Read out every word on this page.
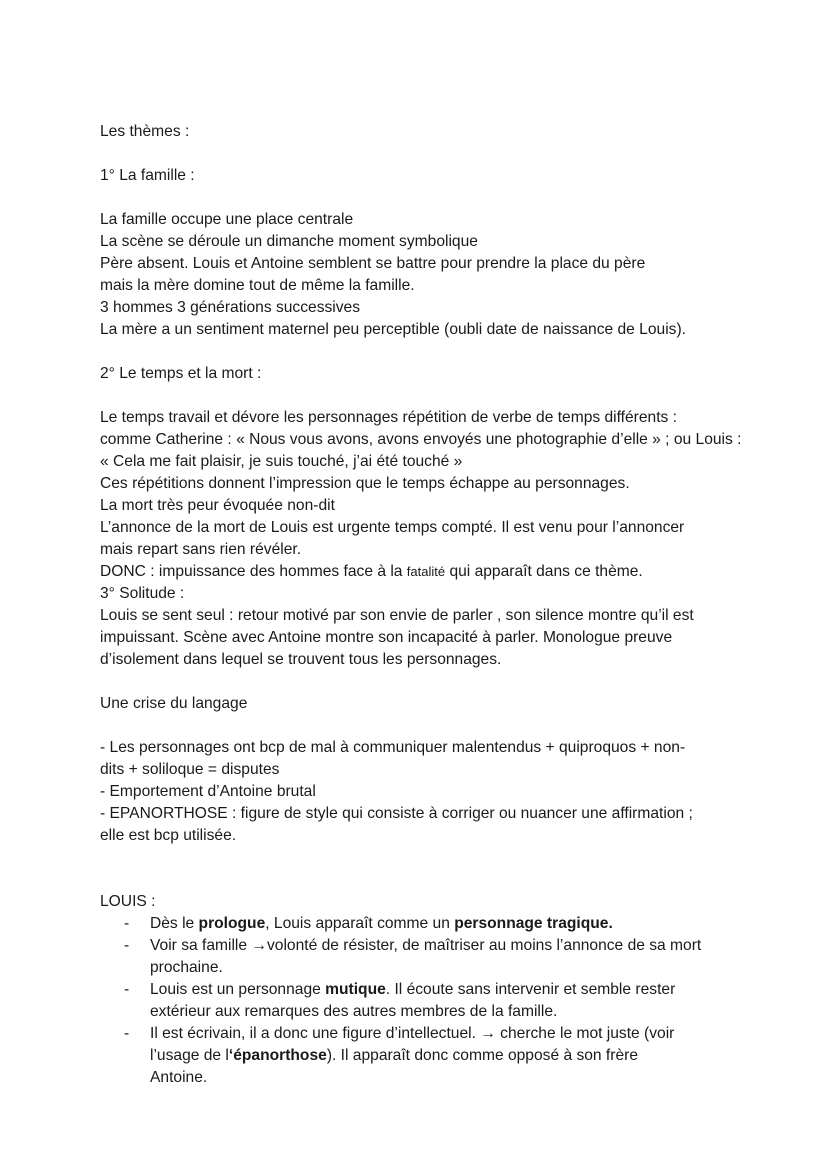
Les thèmes :
1° La famille :
La famille occupe une place centrale
La scène se déroule un dimanche moment symbolique
Père absent. Louis et Antoine semblent se battre pour prendre la place du père
mais la mère domine tout de même la famille.
3 hommes 3 générations successives
La mère a un sentiment maternel peu perceptible (oubli date de naissance de Louis).
2° Le temps et la mort :
Le temps travail et dévore les personnages répétition de verbe de temps différents :
comme Catherine : « Nous vous avons, avons envoyés une photographie d’elle » ; ou Louis :
« Cela me fait plaisir, je suis touché, j’ai été touché »
Ces répétitions donnent l’impression que le temps échappe au personnages.
La mort très peur évoquée non-dit
L’annonce de la mort de Louis est urgente temps compté. Il est venu pour l’annoncer
mais repart sans rien révéler.
DONC : impuissance des hommes face à la fatalité qui apparaît dans ce thème.
3° Solitude :
Louis se sent seul : retour motivé par son envie de parler , son silence montre qu’il est
impuissant. Scène avec Antoine montre son incapacité à parler. Monologue preuve
d’isolement dans lequel se trouvent tous les personnages.
Une crise du langage
- Les personnages ont bcp de mal à communiquer malentendus + quiproquos + non-
dits + soliloque = disputes
- Emportement d’Antoine brutal
- EPANORTHOSE : figure de style qui consiste à corriger ou nuancer une affirmation ;
elle est bcp utilisée.
LOUIS :
- Dès le prologue, Louis apparaît comme un personnage tragique.
- Voir sa famille →volonté de résister, de maîtriser au moins l’annonce de sa mort
prochaine.
- Louis est un personnage mutique. Il écoute sans intervenir et semble rester
extérieur aux remarques des autres membres de la famille.
- Il est écrivain, il a donc une figure d’intellectuel. → cherche le mot juste (voir
l’usage de l‘épanorthose). Il apparaît donc comme opposé à son frère
Antoine.
